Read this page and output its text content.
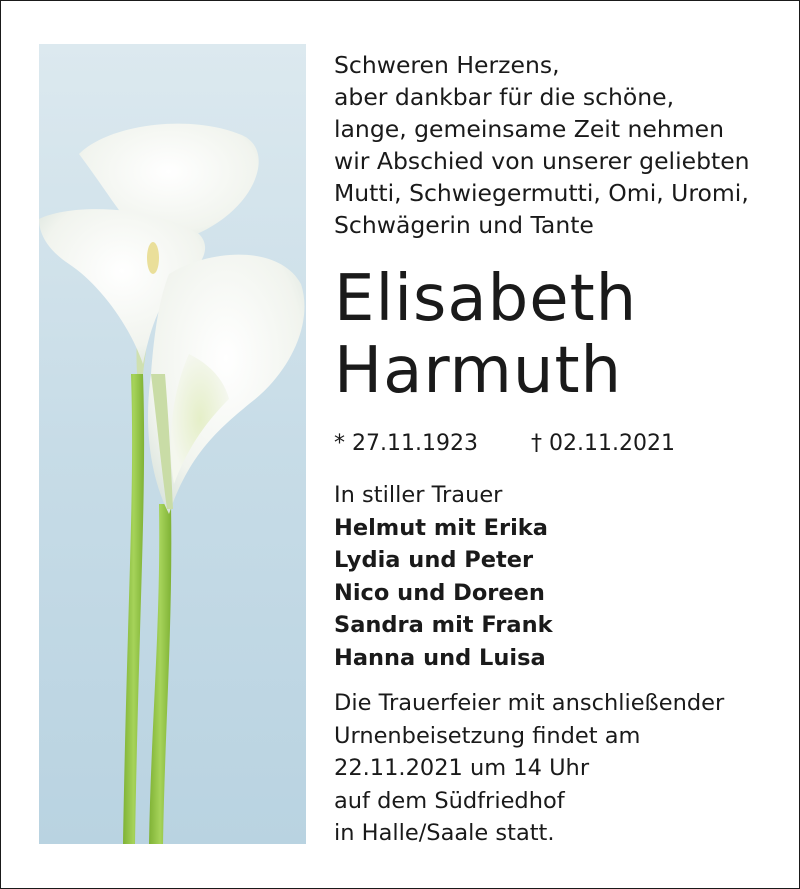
Schweren Herzens,
aber dankbar für die schöne,
lange, gemeinsame Zeit nehmen
wir Abschied von unserer geliebten
Mutti, Schwiegermutti, Omi, Uromi,
Schwägerin und Tante
Elisabeth
Harmuth
* 27.11.1923 † 02.11.2021
In stiller Trauer
Helmut mit Erika
Lydia und Peter
Nico und Doreen
Sandra mit Frank
Hanna und Luisa
Die Trauerfeier mit anschließender
Urnenbeisetzung findet am
22.11.2021 um 14 Uhr
auf dem Südfriedhof
in Halle/Saale statt.
